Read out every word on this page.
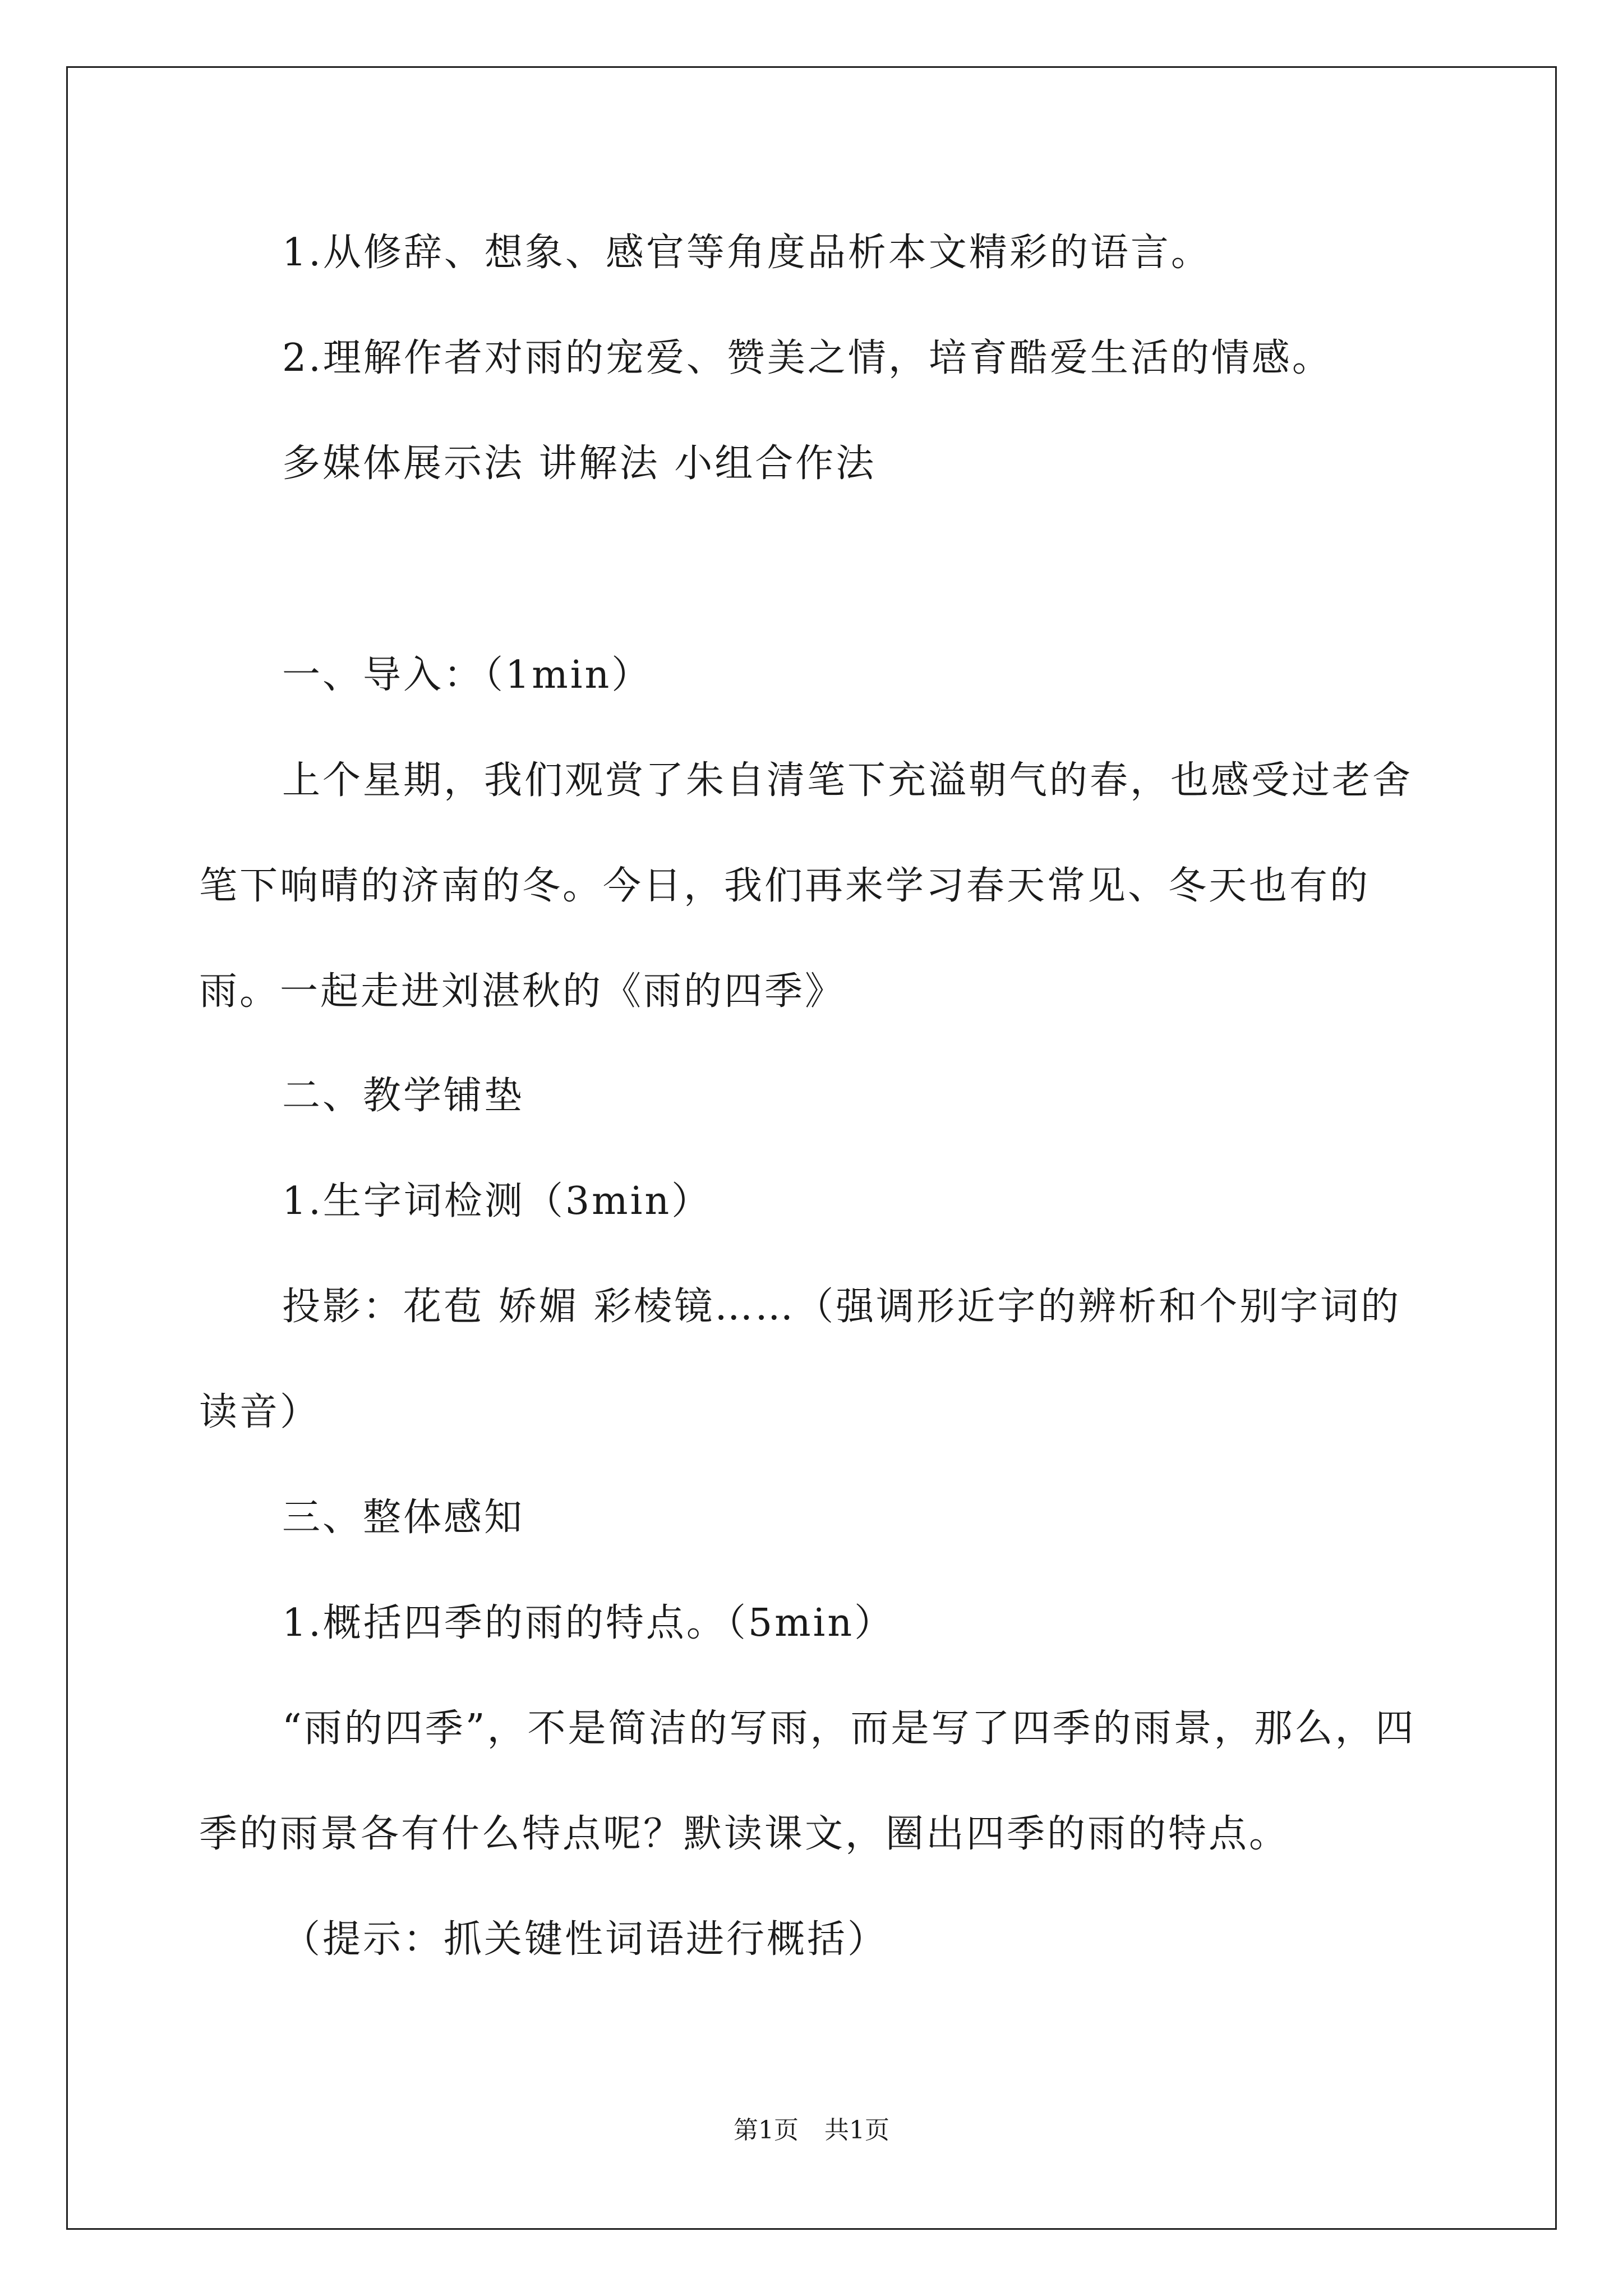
1.从修辞、想象、感官等角度品析本文精彩的语言。
2.理解作者对雨的宠爱、赞美之情，培育酷爱生活的情感。
多媒体展示法 讲解法 小组合作法
一、导入：（1min）
上个星期，我们观赏了朱自清笔下充溢朝气的春，也感受过老舍笔下响晴的济南的冬。今日，我们再来学习春天常见、冬天也有的雨。一起走进刘湛秋的《雨的四季》
二、教学铺垫
1.生字词检测（3min）
投影：花苞 娇媚 彩棱镜……（强调形近字的辨析和个别字词的读音）
三、整体感知
1.概括四季的雨的特点。（5min）
“雨的四季”，不是简洁的写雨，而是写了四季的雨景，那么，四季的雨景各有什么特点呢？默读课文，圈出四季的雨的特点。
（提示：抓关键性词语进行概括）
第1页 共1页
